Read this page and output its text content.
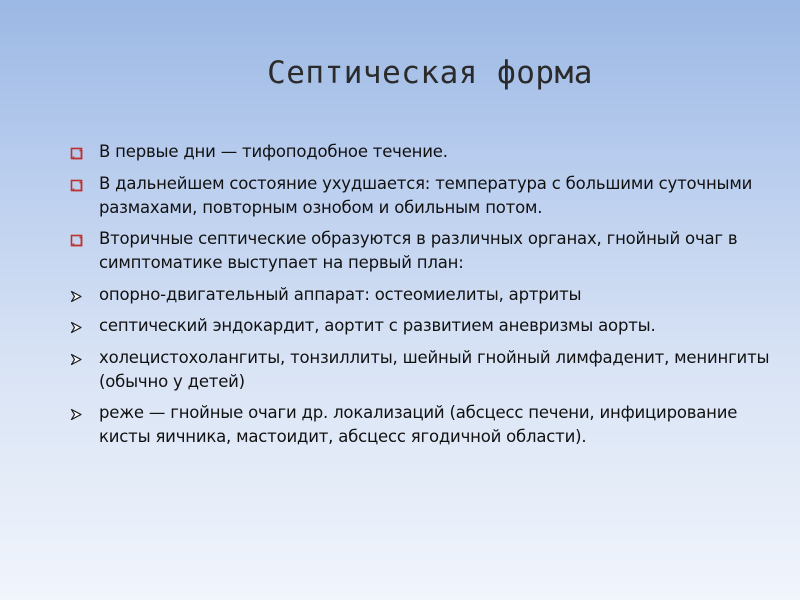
Септическая форма
В первые дни — тифоподобное течение.
В дальнейшем состояние ухудшается: температура с большими суточными размахами, повторным ознобом и обильным потом.
Вторичные септические образуются в различных органах, гнойный очаг в симптоматике выступает на первый план:
опорно-двигательный аппарат: остеомиелиты, артриты
септический эндокардит, аортит с развитием аневризмы аорты.
холецистохолангиты, тонзиллиты, шейный гнойный лимфаденит, менингиты (обычно у детей)
реже — гнойные очаги др. локализаций (абсцесс печени, инфицирование кисты яичника, мастоидит, абсцесс ягодичной области).
